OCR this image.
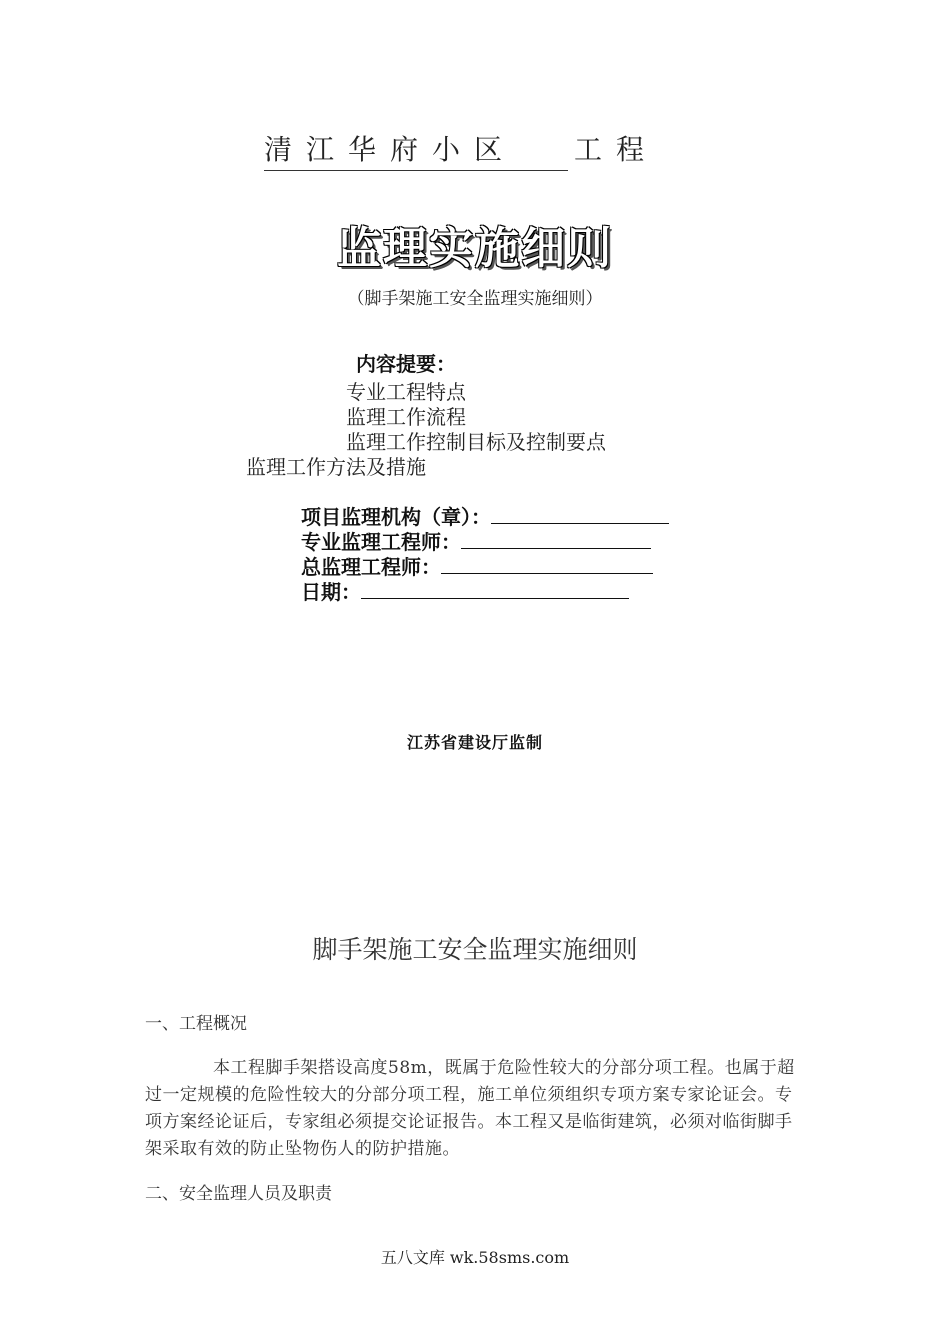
清江华府小区 工程
监理实施细则
（脚手架施工安全监理实施细则）
内容提要：
专业工程特点
监理工作流程
监理工作控制目标及控制要点
监理工作方法及措施
项目监理机构（章）：
专业监理工程师：
总监理工程师：
日期：
江苏省建设厅监制
脚手架施工安全监理实施细则
一、工程概况
本工程脚手架搭设高度58m，既属于危险性较大的分部分项工程。也属于超过一定规模的危险性较大的分部分项工程，施工单位须组织专项方案专家论证会。专项方案经论证后，专家组必须提交论证报告。本工程又是临街建筑，必须对临街脚手架采取有效的防止坠物伤人的防护措施。
二、安全监理人员及职责
五八文库 wk.58sms.com
